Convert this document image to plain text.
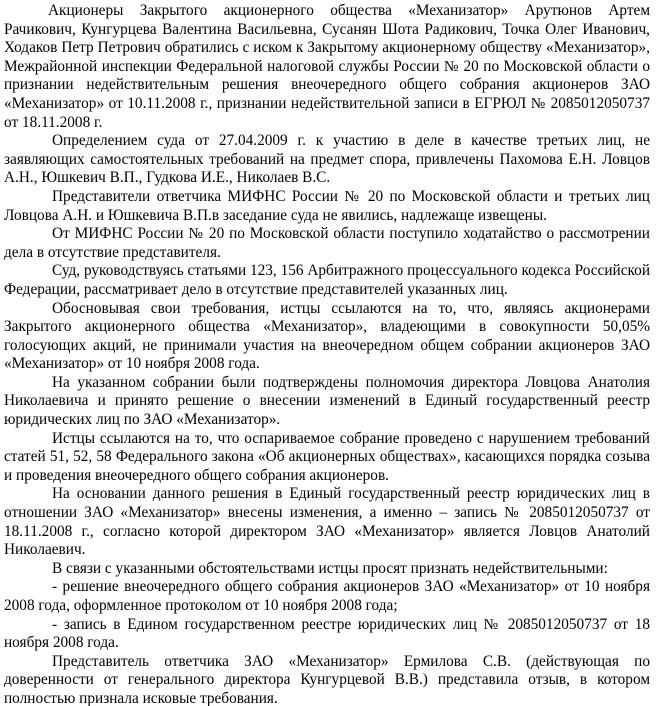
Акционеры Закрытого акционерного общества «Механизатор» Арутюнов Артем Рачикович, Кунгурцева Валентина Васильевна, Сусанян Шота Радикович, Точка Олег Иванович, Ходаков Петр Петрович обратились с иском к Закрытому акционерному обществу «Механизатор», Межрайонной инспекции Федеральной налоговой службы России № 20 по Московской области о признании недействительным решения внеочередного общего собрания акционеров ЗАО «Механизатор» от 10.11.2008 г., признании недействительной записи в ЕГРЮЛ № 2085012050737 от 18.11.2008 г.

Определением суда от 27.04.2009 г. к участию в деле в качестве третьих лиц, не заявляющих самостоятельных требований на предмет спора, привлечены Пахомова Е.Н. Ловцов А.Н., Юшкевич В.П., Гудкова И.Е., Николаев В.С.

Представители ответчика МИФНС России № 20 по Московской области и третьих лиц Ловцова А.Н. и Юшкевича В.П.в заседание суда не явились, надлежаще извещены.

От МИФНС России № 20 по Московской области поступило ходатайство о рассмотрении дела в отсутствие представителя.

Суд, руководствуясь статьями 123, 156 Арбитражного процессуального кодекса Российской Федерации, рассматривает дело в отсутствие представителей указанных лиц.

Обосновывая свои требования, истцы ссылаются на то, что, являясь акционерами Закрытого акционерного общества «Механизатор», владеющими в совокупности 50,05% голосующих акций, не принимали участия на внеочередном общем собрании акционеров ЗАО «Механизатор» от 10 ноября 2008 года.

На указанном собрании были подтверждены полномочия директора Ловцова Анатолия Николаевича и принято решение о внесении изменений в Единый государственный реестр юридических лиц по ЗАО «Механизатор».

Истцы ссылаются на то, что оспариваемое собрание проведено с нарушением требований статей 51, 52, 58 Федерального закона «Об акционерных обществах», касающихся порядка созыва и проведения внеочередного общего собрания акционеров.

На основании данного решения в Единый государственный реестр юридических лиц в отношении ЗАО «Механизатор» внесены изменения, а именно – запись № 2085012050737 от 18.11.2008 г., согласно которой директором ЗАО «Механизатор» является Ловцов Анатолий Николаевич.

В связи с указанными обстоятельствами истцы просят признать недействительными:

- решение внеочередного общего собрания акционеров ЗАО «Механизатор» от 10 ноября 2008 года, оформленное протоколом от 10 ноября 2008 года;

- запись в Едином государственном реестре юридических лиц № 2085012050737 от 18 ноября 2008 года.

Представитель ответчика ЗАО «Механизатор» Ермилова С.В. (действующая по доверенности от генерального директора Кунгурцевой В.В.) представила отзыв, в котором полностью признала исковые требования.
